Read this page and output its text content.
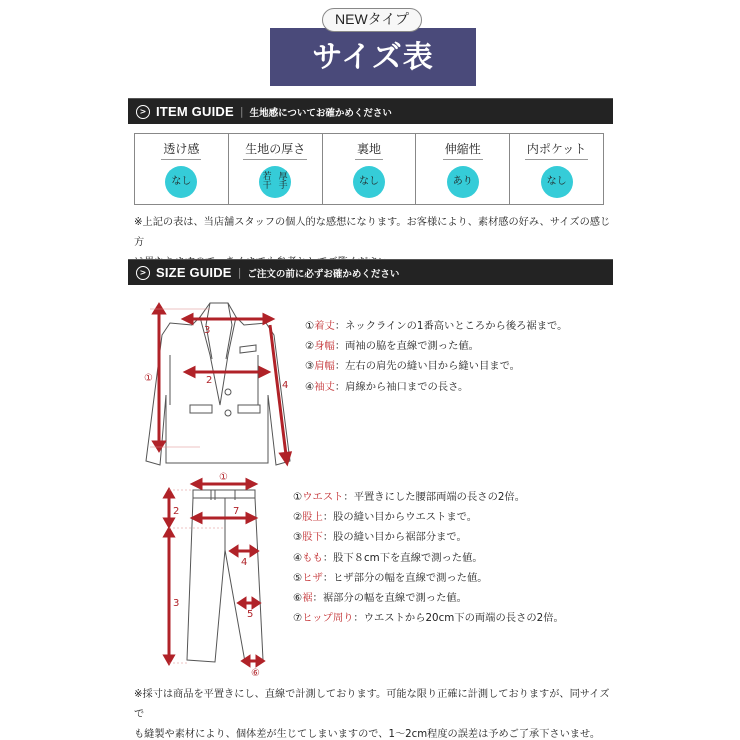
NEWタイプ
サイズ表
> ITEM GUIDE | 生地感についてお確かめください
透け感
なし
生地の厚さ
若干

厚手
裏地
なし
伸縮性
あり
内ポケット
なし
※上記の表は、当店舗スタッフの個人的な感想になります。お客様により、素材感の好み、サイズの感じ方
> SIZE GUIDE | ご注文の前に必ずお確かめください
①
3
2	4
①着丈：ネックラインの1番高いところから後ろ裾まで。
②身幅：両袖の脇を直線で測った値。
③肩幅：左右の肩先の縫い目から縫い目まで。
④袖丈：肩線から袖口までの長さ。
①
2	7
3
4
5
⑥
①ウエスト：平置きにした腰部両端の長さの2倍。
②股上：股の縫い目からウエストまで。
③股下：股の縫い目から裾部分まで。
④もも：股下８cm下を直線で測った値。
⑤ヒザ：ヒザ部分の幅を直線で測った値。
⑥裾：裾部分の幅を直線で測った値。
⑦ヒップ周り：ウエストから20cm下の両端の長さの2倍。
※採寸は商品を平置きにし、直線で計測しております。可能な限り正確に計測しておりますが、同サイズで
も縫製や素材により、個体差が生じてしまいますので、1〜2cm程度の誤差は予めご了承下さいませ。
